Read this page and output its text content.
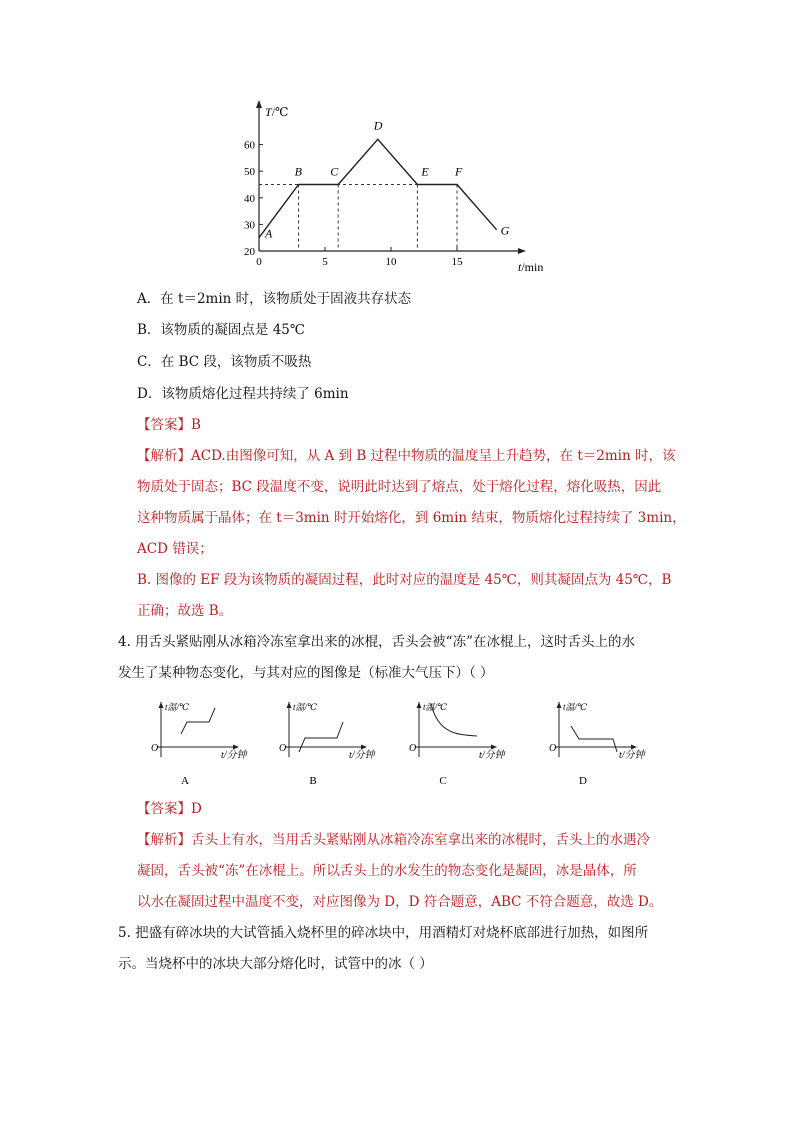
T/℃
t/min
20
30
40
50
60
0	5	10	15
A
B C
D
E F
G
A．在 t＝2min 时，该物质处于固液共存状态
B．该物质的凝固点是 45℃
C．在 BC 段，该物质不吸热
D．该物质熔化过程共持续了 6min
【答案】B
【解析】ACD.由图像可知，从 A 到 B 过程中物质的温度呈上升趋势，在 t＝2min 时，该
物质处于固态；BC 段温度不变，说明此时达到了熔点，处于熔化过程，熔化吸热，因此
这种物质属于晶体；在 t＝3min 时开始熔化，到 6min 结束，物质熔化过程持续了 3min，
ACD 错误；
B. 图像的 EF 段为该物质的凝固过程，此时对应的温度是 45℃，则其凝固点为 45℃，B
正确；故选 B。
4. 用舌头紧贴刚从冰箱冷冻室拿出来的冰棍，舌头会被“冻”在冰棍上，这时舌头上的水
发生了某种物态变化，与其对应的图像是（标准大气压下）（ ）
t温/℃
t/分钟
O
A
t温/℃
t/分钟
O
B
t温/℃
t/分钟
O
C
t温/℃
t/分钟
O
D
【答案】D
【解析】舌头上有水，当用舌头紧贴刚从冰箱冷冻室拿出来的冰棍时，舌头上的水遇冷
凝固，舌头被“冻”在冰棍上。所以舌头上的水发生的物态变化是凝固，冰是晶体，所
以水在凝固过程中温度不变，对应图像为 D，D 符合题意，ABC 不符合题意，故选 D。
5. 把盛有碎冰块的大试管插入烧杯里的碎冰块中，用酒精灯对烧杯底部进行加热，如图所
示。当烧杯中的冰块大部分熔化时，试管中的冰（ ）
